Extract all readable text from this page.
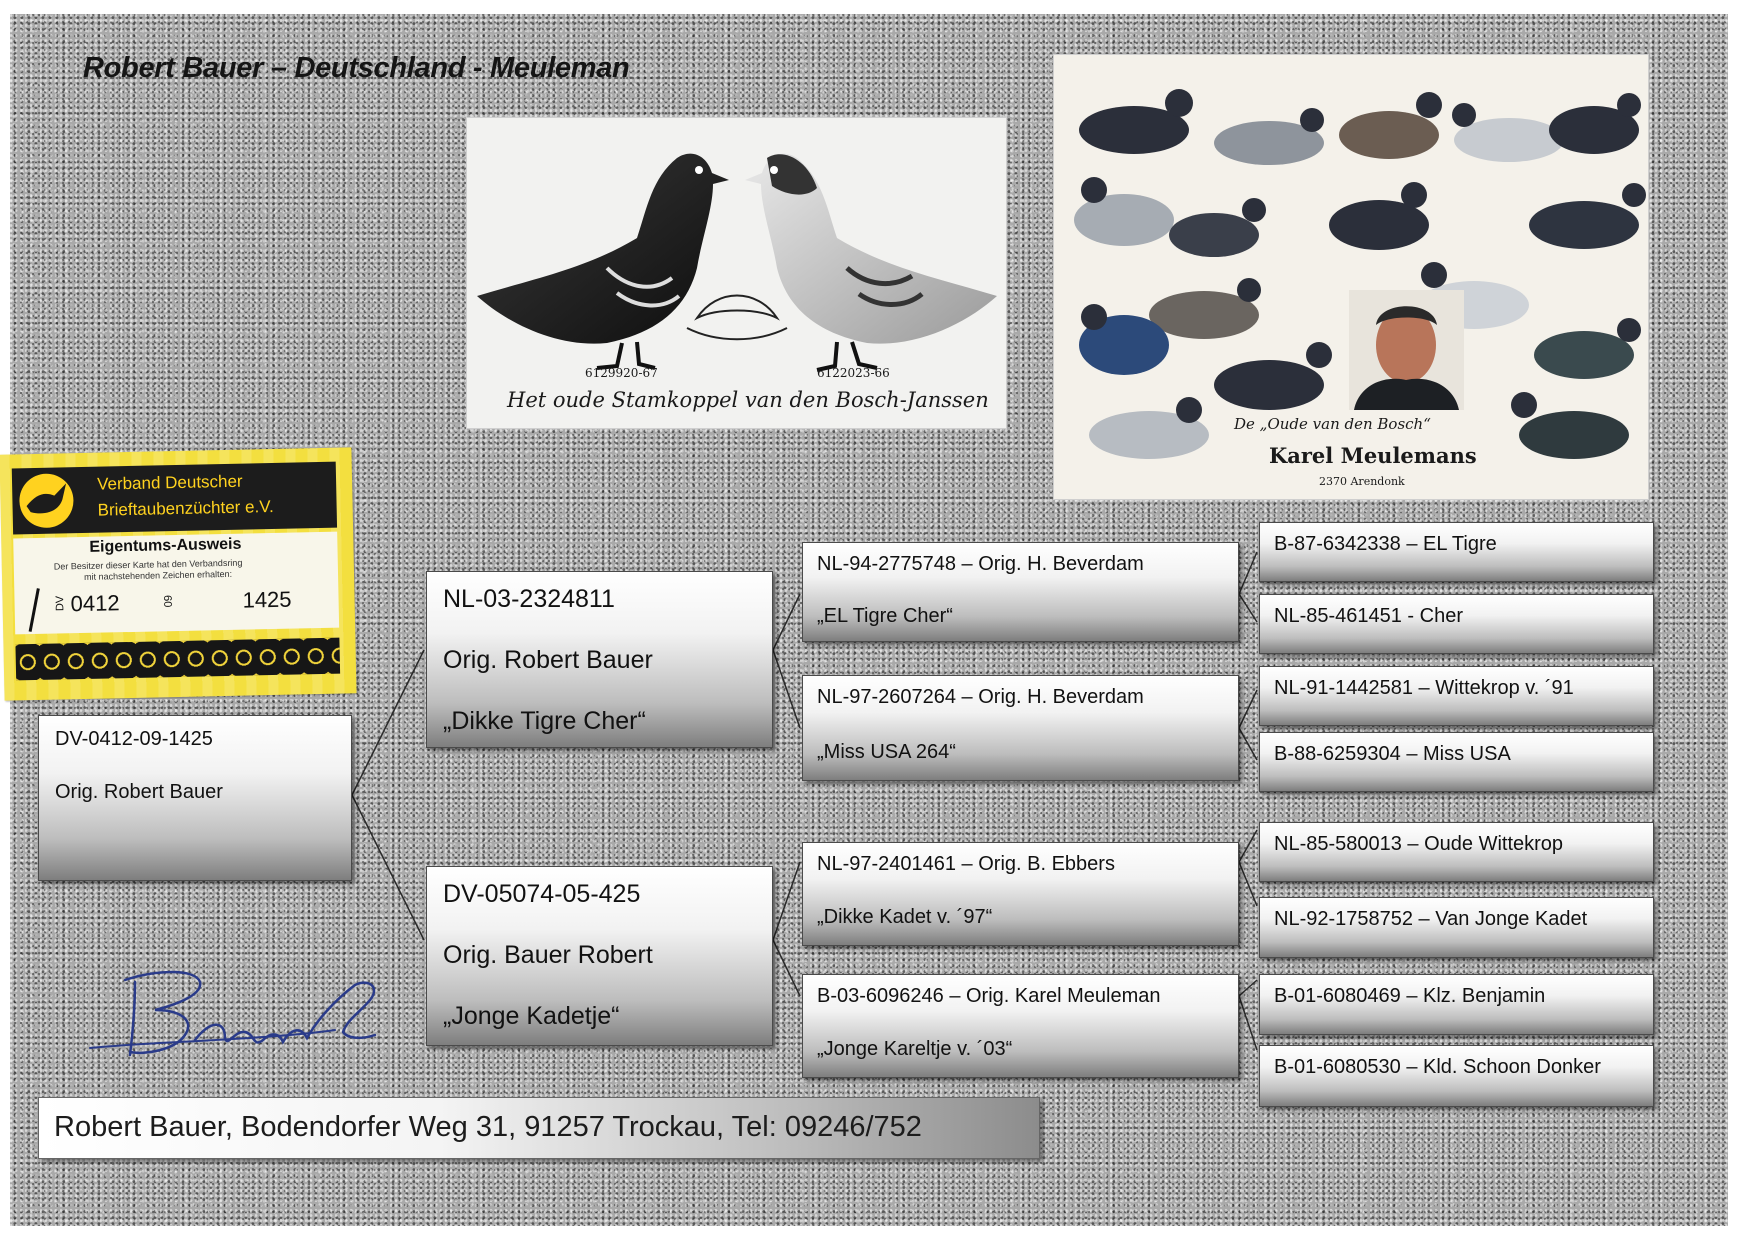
Robert Bauer – Deutschland - Meuleman
6129920-67	6122023-66
Het oude Stamkoppel van den Bosch-Janssen
De „Oude van den Bosch“
Karel Meulemans
2370 Arendonk
Verband Deutscher
Brieftaubenzüchter e.V.
Eigentums-Ausweis
Der Besitzer dieser Karte hat den Verbandsring
mit nachstehenden Zeichen erhalten:
DV 0412	09	1425
DV-0412-09-1425
Orig. Robert Bauer
NL-03-2324811
Orig. Robert Bauer
„Dikke Tigre Cher“
DV-05074-05-425
Orig. Bauer Robert
„Jonge Kadetje“
NL-94-2775748 – Orig. H. Beverdam
„EL Tigre Cher“
NL-97-2607264 – Orig. H. Beverdam
„Miss USA 264“
NL-97-2401461 – Orig. B. Ebbers
„Dikke Kadet v. ´97“
B-03-6096246 – Orig. Karel Meuleman
„Jonge Kareltje v. ´03“
B-87-6342338 – EL Tigre
NL-85-461451 - Cher
NL-91-1442581 – Wittekrop v. ´91
B-88-6259304 – Miss USA
NL-85-580013 – Oude Wittekrop
NL-92-1758752 – Van Jonge Kadet
B-01-6080469 – Klz. Benjamin
B-01-6080530 – Kld. Schoon Donker
Robert Bauer, Bodendorfer Weg 31, 91257 Trockau, Tel: 09246/752
